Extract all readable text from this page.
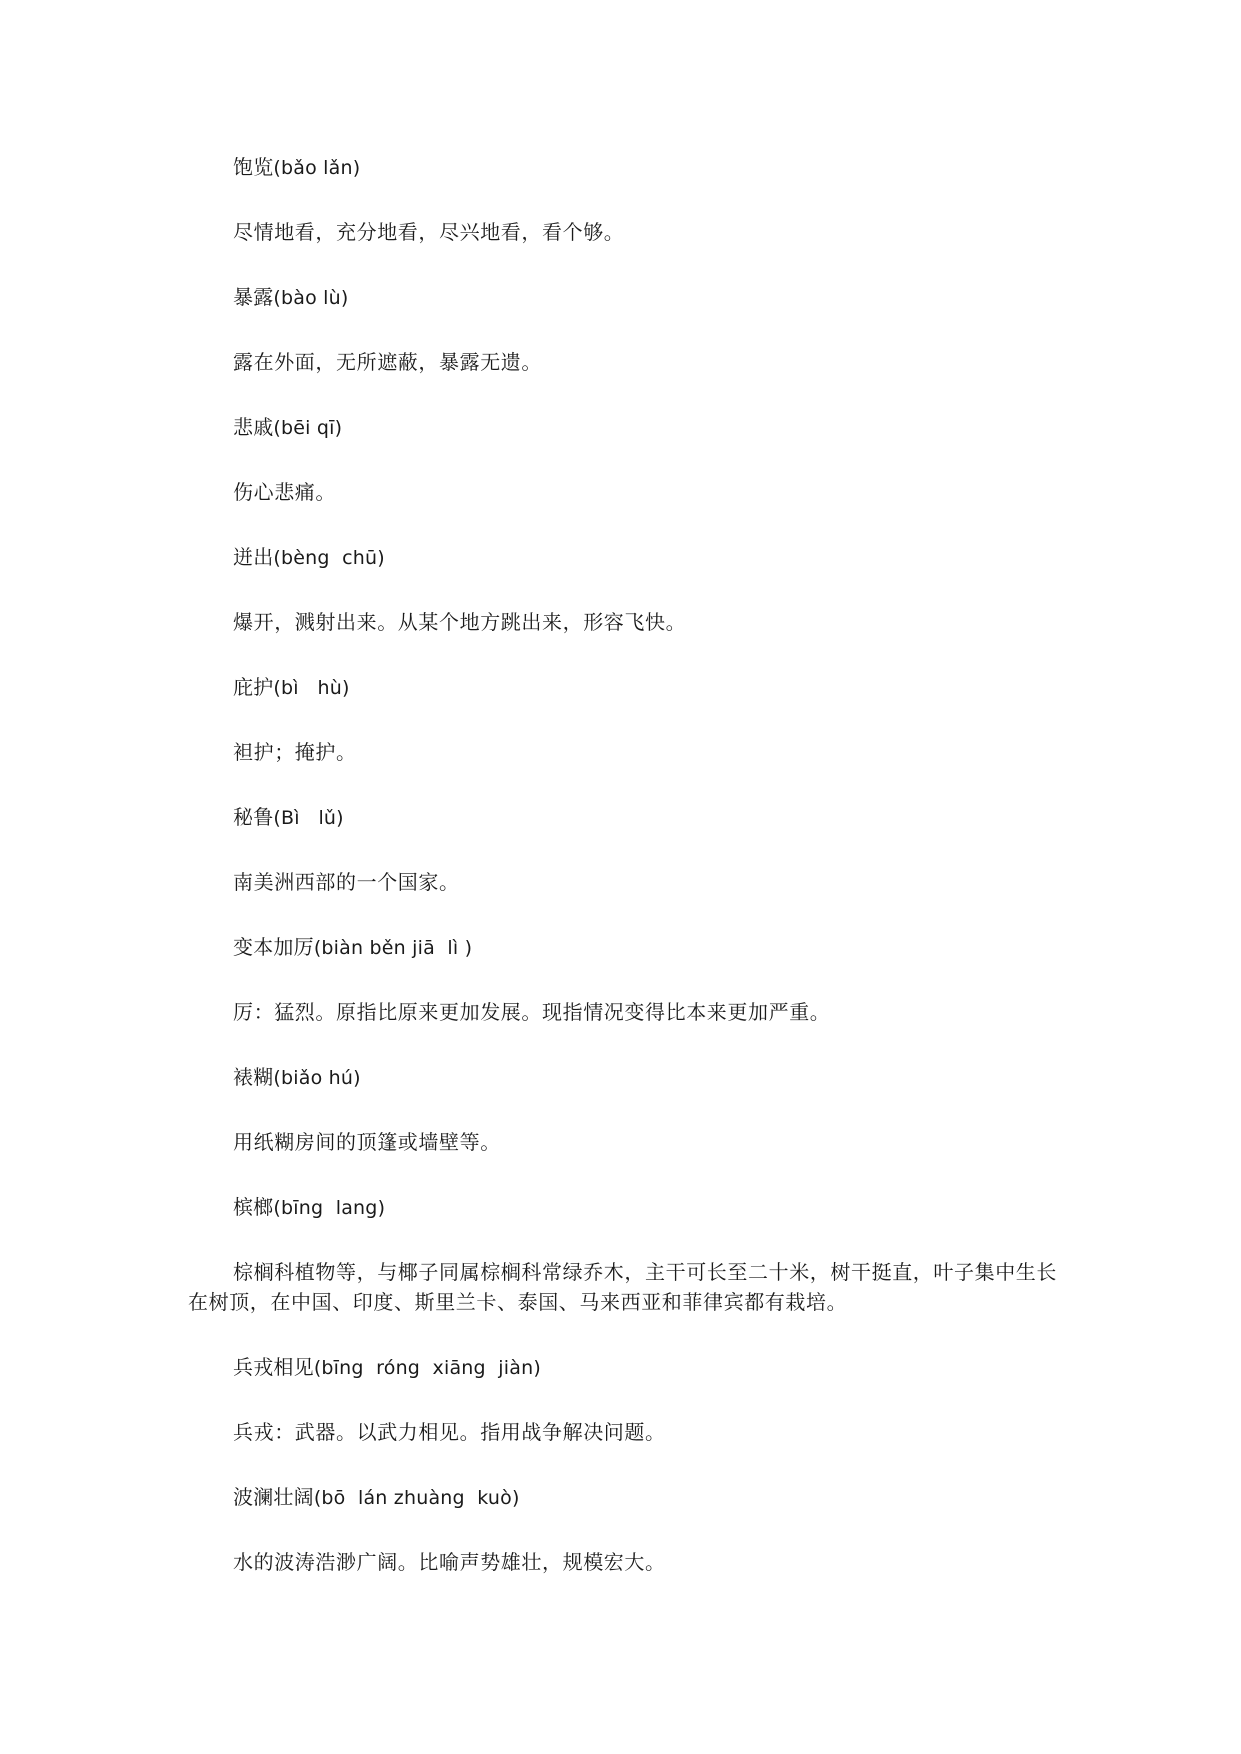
饱览(bǎo lǎn)

尽情地看，充分地看，尽兴地看，看个够。

暴露(bào lù)

露在外面，无所遮蔽，暴露无遗。

悲戚(bēi qī)

伤心悲痛。

迸出(bèng  chū)

爆开，溅射出来。从某个地方跳出来，形容飞快。

庇护(bì   hù)

袒护；掩护。

秘鲁(Bì   lǔ)

南美洲西部的一个国家。

变本加厉(biàn běn jiā  lì )

厉：猛烈。原指比原来更加发展。现指情况变得比本来更加严重。

裱糊(biǎo hú)

用纸糊房间的顶篷或墙壁等。

槟榔(bīng  lang)

棕榈科植物等，与椰子同属棕榈科常绿乔木，主干可长至二十米，树干挺直，叶子集中生长在树顶，在中国、印度、斯里兰卡、泰国、马来西亚和菲律宾都有栽培。

兵戎相见(bīng  róng  xiāng  jiàn)

兵戎：武器。以武力相见。指用战争解决问题。

波澜壮阔(bō  lán zhuàng  kuò)

水的波涛浩渺广阔。比喻声势雄壮，规模宏大。
